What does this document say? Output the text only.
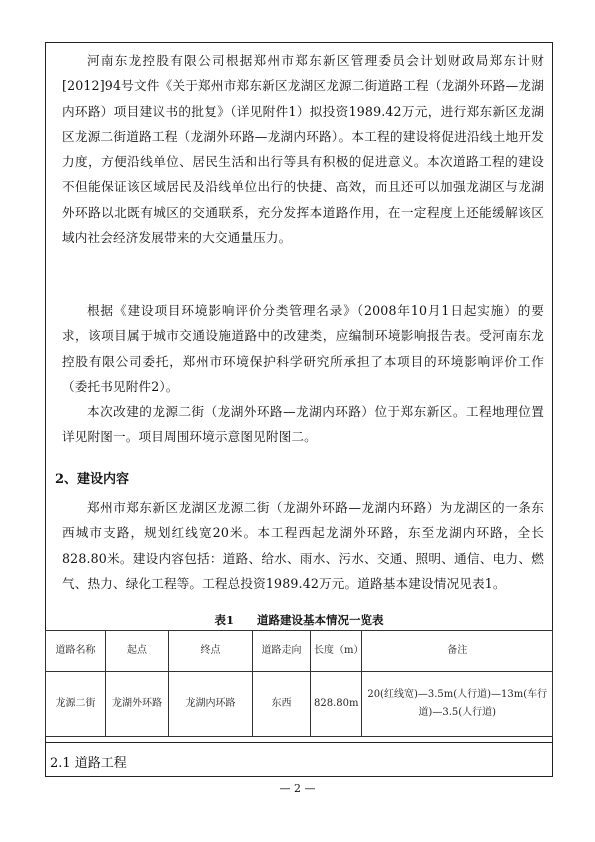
河南东龙控股有限公司根据郑州市郑东新区管理委员会计划财政局郑东计财[2012]94号文件《关于郑州市郑东新区龙湖区龙源二街道路工程（龙湖外环路—龙湖内环路）项目建议书的批复》（详见附件1）拟投资1989.42万元，进行郑东新区龙湖区龙源二街道路工程（龙湖外环路—龙湖内环路）。本工程的建设将促进沿线土地开发力度，方便沿线单位、居民生活和出行等具有积极的促进意义。本次道路工程的建设不但能保证该区域居民及沿线单位出行的快捷、高效，而且还可以加强龙湖区与龙湖外环路以北既有城区的交通联系，充分发挥本道路作用，在一定程度上还能缓解该区域内社会经济发展带来的大交通量压力。

根据《建设项目环境影响评价分类管理名录》（2008年10月1日起实施）的要求，该项目属于城市交通设施道路中的改建类，应编制环境影响报告表。受河南东龙控股有限公司委托，郑州市环境保护科学研究所承担了本项目的环境影响评价工作（委托书见附件2）。

本次改建的龙源二街（龙湖外环路—龙湖内环路）位于郑东新区。工程地理位置详见附图一。项目周围环境示意图见附图二。

2、建设内容

郑州市郑东新区龙湖区龙源二街（龙湖外环路—龙湖内环路）为龙湖区的一条东西城市支路，规划红线宽20米。本工程西起龙湖外环路，东至龙湖内环路，全长828.80米。建设内容包括：道路、给水、雨水、污水、交通、照明、通信、电力、燃气、热力、绿化工程等。工程总投资1989.42万元。道路基本建设情况见表1。

表1　　道路建设基本情况一览表
道路名称	起点	终点	道路走向	长度（m）	备注
龙源二街	龙湖外环路	龙湖内环路	东西	828.80m	20(红线宽)—3.5m(人行道)—13m(车行道)—3.5(人行道)
2.1 道路工程
— 2 —
